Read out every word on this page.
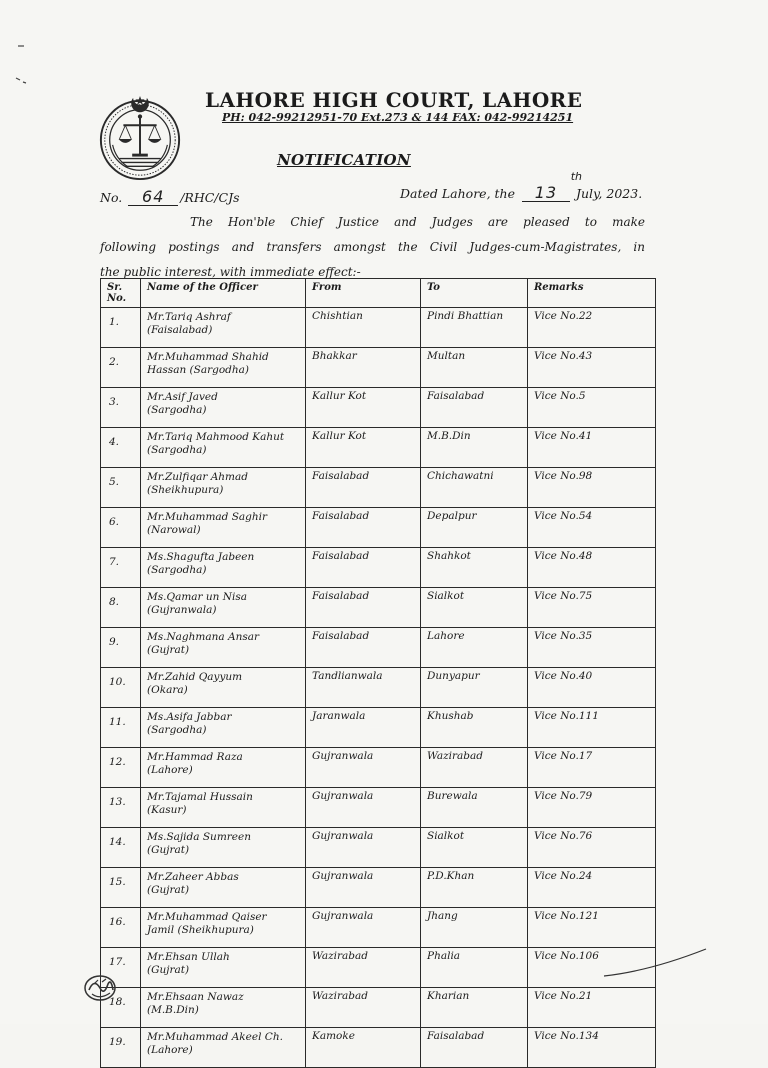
LAHORE HIGH COURT, LAHORE
PH: 042-99212951-70 Ext.273 & 144 FAX: 042-99214251
NOTIFICATION
No. 64 /RHC/CJs	Dated Lahore, the 13
th
July, 2023.
The Hon'ble Chief Justice and Judges are pleased to make
following postings and transfers amongst the Civil Judges-cum-Magistrates, in
the public interest, with immediate effect:-
Sr. No.	Name of the Officer	From	To	Remarks
1.	Mr.Tariq Ashraf
(Faisalabad)	Chishtian	Pindi Bhattian	Vice No.22
2.	Mr.Muhammad Shahid
Hassan (Sargodha)	Bhakkar	Multan	Vice No.43
3.	Mr.Asif Javed
(Sargodha)	Kallur Kot	Faisalabad	Vice No.5
4.	Mr.Tariq Mahmood Kahut
(Sargodha)	Kallur Kot	M.B.Din	Vice No.41
5.	Mr.Zulfiqar Ahmad
(Sheikhupura)	Faisalabad	Chichawatni	Vice No.98
6.	Mr.Muhammad Saghir
(Narowal)	Faisalabad	Depalpur	Vice No.54
7.	Ms.Shagufta Jabeen
(Sargodha)	Faisalabad	Shahkot	Vice No.48
8.	Ms.Qamar un Nisa
(Gujranwala)	Faisalabad	Sialkot	Vice No.75
9.	Ms.Naghmana Ansar
(Gujrat)	Faisalabad	Lahore	Vice No.35
10.	Mr.Zahid Qayyum
(Okara)	Tandlianwala	Dunyapur	Vice No.40
11.	Ms.Asifa Jabbar
(Sargodha)	Jaranwala	Khushab	Vice No.111
12.	Mr.Hammad Raza
(Lahore)	Gujranwala	Wazirabad	Vice No.17
13.	Mr.Tajamal Hussain
(Kasur)	Gujranwala	Burewala	Vice No.79
14.	Ms.Sajida Sumreen
(Gujrat)	Gujranwala	Sialkot	Vice No.76
15.	Mr.Zaheer Abbas
(Gujrat)	Gujranwala	P.D.Khan	Vice No.24
16.	Mr.Muhammad Qaiser
Jamil (Sheikhupura)	Gujranwala	Jhang	Vice No.121
17.	Mr.Ehsan Ullah
(Gujrat)	Wazirabad	Phalia	Vice No.106
18.	Mr.Ehsaan Nawaz
(M.B.Din)	Wazirabad	Kharian	Vice No.21
19.	Mr.Muhammad Akeel Ch.
(Lahore)	Kamoke	Faisalabad	Vice No.134
